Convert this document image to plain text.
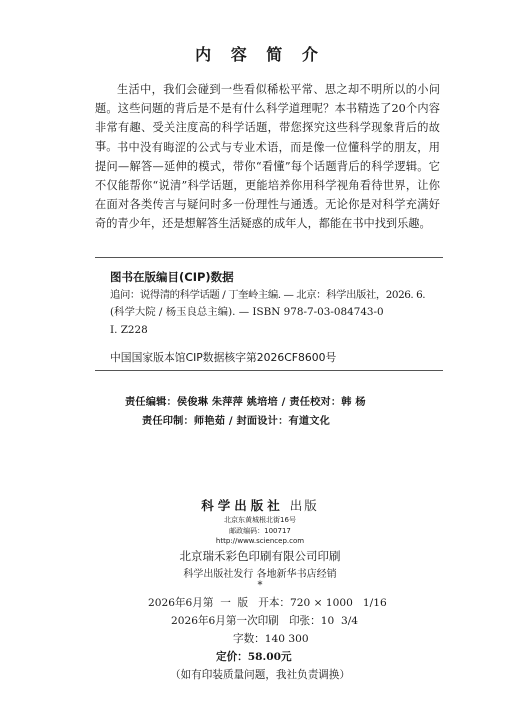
内 容 简 介
生活中，我们会碰到一些看似稀松平常、思之却不明所以的小问题。这些问题的背后是不是有什么科学道理呢？本书精选了20个内容非常有趣、受关注度高的科学话题，带您探究这些科学现象背后的故事。 书中没有晦涩的公式与专业术语，而是像一位懂科学的朋友，用提问—解答—延伸的模式，带你“看懂”每个话题背后的科学逻辑。它不仅能帮你“说清”科学话题，更能培养你用科学视角看待世界，让你在面对各类传言与疑问时多一份理性与通透。无论你是对科学充满好奇的青少年，还是想解答生活疑惑的成年人，都能在书中找到乐趣。
图书在版编目(CIP)数据
追问：说得清的科学话题 / 丁奎岭主编. — 北京：科学出版社，2026. 6.
(科学大院 / 杨玉良总主编). — ISBN 978-7-03-084743-0
Ⅰ. Z228
中国国家版本馆CIP数据核字第2026CF8600号
责任编辑：侯俊琳 朱萍萍 姚培培 / 责任校对：韩 杨
责任印制：师艳茹 / 封面设计：有道文化
科学出版社 出版
北京东黄城根北街16号
邮政编码：100717
http://www.sciencep.com
北京瑞禾彩色印刷有限公司印刷
科学出版社发行 各地新华书店经销
*
2026年6月第  一  版   开本：720 × 1000   1/16
2026年6月第一次印刷   印张：10  3/4
字数：140 300
定价：58.00元
（如有印装质量问题，我社负责调换）
